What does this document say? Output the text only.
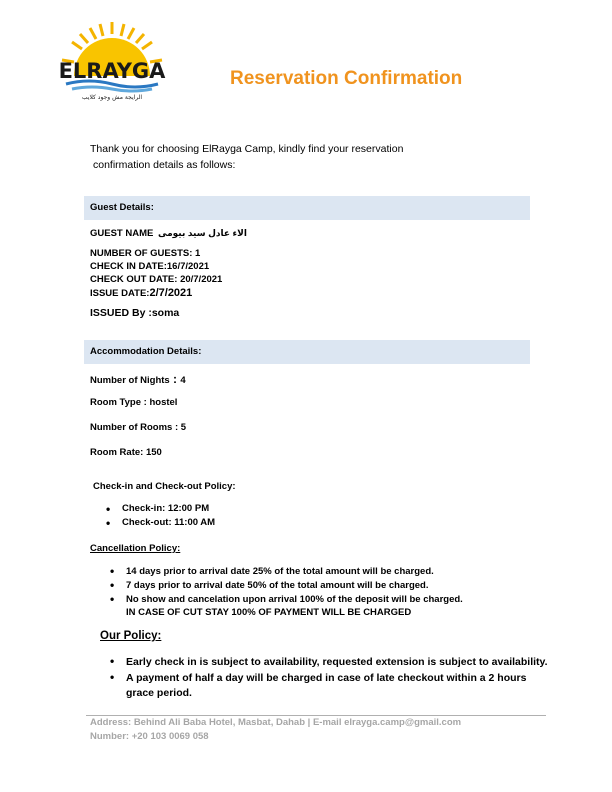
ELRAYGA
الرايجة مش وجود كلايب
Reservation Confirmation
Thank you for choosing ElRayga Camp, kindly find your reservation
confirmation details as follows:
Guest Details:
GUEST NAME الاء عادل سيد بيومى
NUMBER OF GUESTS: 1
CHECK IN DATE:16/7/2021
CHECK OUT DATE: 20/7/2021
ISSUE DATE:2/7/2021
ISSUED By :soma
Accommodation Details:
Number of Nights : 4
Room Type : hostel
Number of Rooms : 5
Room Rate: 150
Check-in and Check-out Policy:
• Check-in: 12:00 PM
• Check-out: 11:00 AM
Cancellation Policy:
• 14 days prior to arrival date 25% of the total amount will be charged.
• 7 days prior to arrival date 50% of the total amount will be charged.
• No show and cancelation upon arrival 100% of the deposit will be charged.
IN CASE OF CUT STAY 100% OF PAYMENT WILL BE CHARGED
Our Policy:
• Early check in is subject to availability, requested extension is subject to availability.
• A payment of half a day will be charged in case of late checkout within a 2 hours grace period.
Address: Behind Ali Baba Hotel, Masbat, Dahab | E-mail elrayga.camp@gmail.com
Number: +20 103 0069 058
